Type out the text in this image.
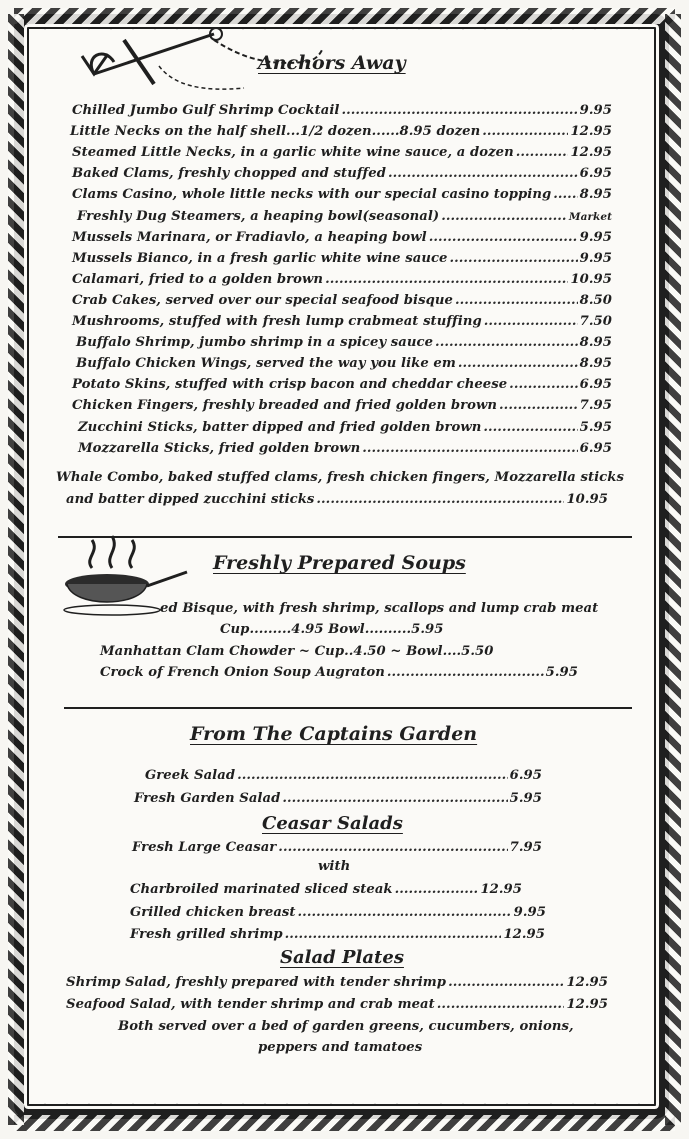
Anchors Away
Chilled Jumbo Gulf Shrimp Cocktail .....	9.95
Little Necks on the half shell...1/2 dozen......8.95 dozen .....	12.95
Steamed Little Necks, in a garlic white wine sauce, a dozen .....	12.95
Baked Clams, freshly chopped and stuffed .....	6.95
Clams Casino, whole little necks with our special casino topping ..... 8.95
Freshly Dug Steamers, a heaping bowl(seasonal) .....	Market
Mussels Marinara, or Fradiavlo, a heaping bowl .....	9.95
Mussels Bianco, in a fresh garlic white wine sauce .....	9.95
Calamari, fried to a golden brown .....	10.95
Crab Cakes, served over our special seafood bisque .....	8.50
Mushrooms, stuffed with fresh lump crabmeat stuffing .....	7.50
Buffalo Shrimp, jumbo shrimp in a spicey sauce .....	8.95
Buffalo Chicken Wings, served the way you like em .....	8.95
Potato Skins, stuffed with crisp bacon and cheddar cheese .....	6.95
Chicken Fingers, freshly breaded and fried golden brown .....	7.95
Zucchini Sticks, batter dipped and fried golden brown .....	5.95
Mozzarella Sticks, fried golden brown .....	6.95
Whale Combo, baked stuffed clams, fresh chicken fingers, Mozzarella sticks
and batter dipped zucchini sticks .....	10.95
Freshly Prepared Soups
ed Bisque, with fresh shrimp, scallops and lump crab meat
Cup.........4.95 Bowl..........5.95
Manhattan Clam Chowder ~ Cup..4.50 ~ Bowl....5.50
Crock of French Onion Soup Augraton .....	5.95
From The Captains Garden
Greek Salad .....	6.95
Fresh Garden Salad .....	5.95
Ceasar Salads
Fresh Large Ceasar .....	7.95
with
Charbroiled marinated sliced steak .....	12.95
Grilled chicken breast .....	9.95
Fresh grilled shrimp .....	12.95
Salad Plates
Shrimp Salad, freshly prepared with tender shrimp .....	12.95
Seafood Salad, with tender shrimp and crab meat .....	12.95
Both served over a bed of garden greens, cucumbers, onions,
peppers and tamatoes
